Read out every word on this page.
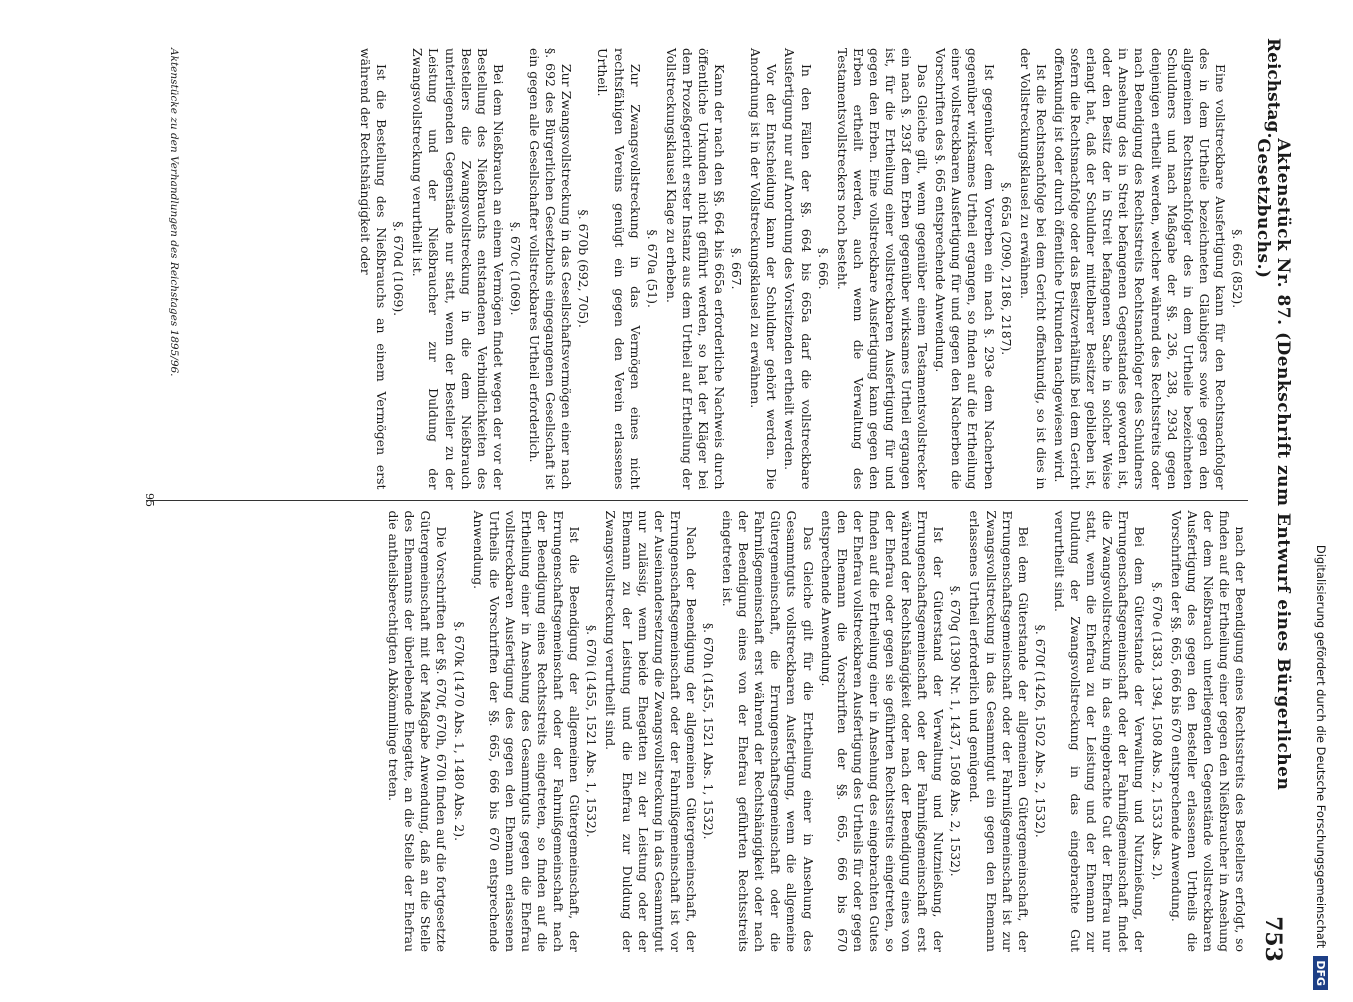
Reichstag.
Aktenstück Nr. 87. (Denkschrift zum Entwurf eines Bürgerlichen Gesetzbuchs.)
753
§. 665 (852).

Eine vollstreckbare Ausfertigung kann für den Rechtsnachfolger des in dem Urtheile bezeichneten Gläubigers sowie gegen den allgemeinen Rechtsnachfolger des in dem Urtheile bezeichneten Schuldners und nach Maßgabe der §§. 236, 238, 293d gegen denjenigen ertheilt werden, welcher während des Rechtsstreits oder nach Beendigung des Rechtsstreits Rechtsnachfolger des Schuldners in Ansehung des in Streit befangenen Gegenstandes geworden ist, oder den Besitz der in Streit befangenen Sache in solcher Weise erlangt hat, daß der Schuldner mittelbarer Besitzer geblieben ist, sofern die Rechtsnachfolge oder das Besitzverhältniß bei dem Gericht offenkundig ist oder durch öffentliche Urkunden nachgewiesen wird.

Ist die Rechtsnachfolge bei dem Gericht offenkundig, so ist dies in der Vollstreckungsklausel zu erwähnen.

§. 665a (2090, 2186, 2187).

Ist gegenüber dem Vorerben ein nach §. 293e dem Nacherben gegenüber wirksames Urtheil ergangen, so finden auf die Ertheilung einer vollstreckbaren Ausfertigung für und gegen den Nacherben die Vorschriften des §. 665 entsprechende Anwendung.

Das Gleiche gilt, wenn gegenüber einem Testamentsvollstrecker ein nach §. 293f dem Erben gegenüber wirksames Urtheil ergangen ist, für die Ertheilung einer vollstreckbaren Ausfertigung für und gegen den Erben. Eine vollstreckbare Ausfertigung kann gegen den Erben ertheilt werden, auch wenn die Verwaltung des Testamentsvollstreckers noch besteht.

§. 666.

In den Fällen der §§. 664 bis 665a darf die vollstreckbare Ausfertigung nur auf Anordnung des Vorsitzenden ertheilt werden.

Vor der Entscheidung kann der Schuldner gehört werden. Die Anordnung ist in der Vollstreckungsklausel zu erwähnen.

§. 667.

Kann der nach den §§. 664 bis 665a erforderliche Nachweis durch öffentliche Urkunden nicht geführt werden, so hat der Kläger bei dem Prozeßgericht erster Instanz aus dem Urtheil auf Ertheilung der Vollstreckungsklausel Klage zu erheben.

§. 670a (51).

Zur Zwangsvollstreckung in das Vermögen eines nicht rechtsfähigen Vereins genügt ein gegen den Verein erlassenes Urtheil.

§. 670b (692, 705).

Zur Zwangsvollstreckung in das Gesellschaftsvermögen einer nach §. 692 des Bürgerlichen Gesetzbuchs eingegangenen Gesellschaft ist ein gegen alle Gesellschafter vollstreckbares Urtheil erforderlich.

§. 670c (1069).

Bei dem Nießbrauch an einem Vermögen findet wegen der vor der Bestellung des Nießbrauchs entstandenen Verbindlichkeiten des Bestellers die Zwangsvollstreckung in die dem Nießbrauch unterliegenden Gegenstände nur statt, wenn der Besteller zu der Leistung und der Nießbraucher zur Duldung der Zwangsvollstreckung verurtheilt ist.

§. 670d (1069).

Ist die Bestellung des Nießbrauchs an einem Vermögen erst während der Rechtshängigkeit oder

nach der Beendigung eines Rechtsstreits des Bestellers erfolgt, so finden auf die Ertheilung einer gegen den Nießbraucher in Ansehung der dem Nießbrauch unterliegenden Gegenstände vollstreckbaren Ausfertigung des gegen den Besteller erlassenen Urtheils die Vorschriften der §§. 665, 666 bis 670 entsprechende Anwendung.

§. 670e (1383, 1394, 1508 Abs. 2, 1533 Abs. 2).

Bei dem Güterstande der Verwaltung und Nutznießung, der Errungenschaftsgemeinschaft oder der Fahrnißgemeinschaft findet die Zwangsvollstreckung in das eingebrachte Gut der Ehefrau nur statt, wenn die Ehefrau zu der Leistung und der Ehemann zur Duldung der Zwangsvollstreckung in das eingebrachte Gut verurtheilt sind.

§. 670f (1426, 1502 Abs. 2, 1532).

Bei dem Güterstande der allgemeinen Gütergemeinschaft, der Errungenschaftsgemeinschaft oder der Fahrnißgemeinschaft ist zur Zwangsvollstreckung in das Gesammtgut ein gegen den Ehemann erlassenes Urtheil erforderlich und genügend.

§. 670g (1390 Nr. 1, 1437, 1508 Abs. 2, 1532).

Ist der Güterstand der Verwaltung und Nutznießung, der Errungenschaftsgemeinschaft oder der Fahrnißgemeinschaft erst während der Rechtshängigkeit oder nach der Beendigung eines von der Ehefrau oder gegen sie geführten Rechtsstreits eingetreten, so finden auf die Ertheilung einer in Ansehung des eingebrachten Gutes der Ehefrau vollstreckbaren Ausfertigung des Urtheils für oder gegen den Ehemann die Vorschriften der §§. 665, 666 bis 670 entsprechende Anwendung.

Das Gleiche gilt für die Ertheilung einer in Ansehung des Gesammtguts vollstreckbaren Ausfertigung, wenn die allgemeine Gütergemeinschaft, die Errungenschaftsgemeinschaft oder die Fahrnißgemeinschaft erst während der Rechtshängigkeit oder nach der Beendigung eines von der Ehefrau geführten Rechtsstreits eingetreten ist.

§. 670h (1455, 1521 Abs. 1, 1532).

Nach der Beendigung der allgemeinen Gütergemeinschaft, der Errungenschaftsgemeinschaft oder der Fahrnißgemeinschaft ist vor der Auseinandersetzung die Zwangsvollstreckung in das Gesammtgut nur zulässig, wenn beide Ehegatten zu der Leistung oder der Ehemann zu der Leistung und die Ehefrau zur Duldung der Zwangsvollstreckung verurtheilt sind.

§. 670i (1455, 1521 Abs. 1, 1532).

Ist die Beendigung der allgemeinen Gütergemeinschaft, der Errungenschaftsgemeinschaft oder der Fahrnißgemeinschaft nach der Beendigung eines Rechtsstreits eingetreten, so finden auf die Ertheilung einer in Ansehung des Gesammtguts gegen die Ehefrau vollstreckbaren Ausfertigung des gegen den Ehemann erlassenen Urtheils die Vorschriften der §§. 665, 666 bis 670 entsprechende Anwendung.

§. 670k (1470 Abs. 1, 1480 Abs. 2).

Die Vorschriften der §§. 670f, 670h, 670i finden auf die fortgesetzte Gütergemeinschaft mit der Maßgabe Anwendung, daß an die Stelle des Ehemanns der überlebende Ehegatte, an die Stelle der Ehefrau die antheilsberechtigten Abkömmlinge treten.

Aktenstücke zu den Verhandlungen des Reichstages 1895/96.
95
Digitalisierung gefördert durch die Deutsche Forschungsgemeinschaft
DFG
